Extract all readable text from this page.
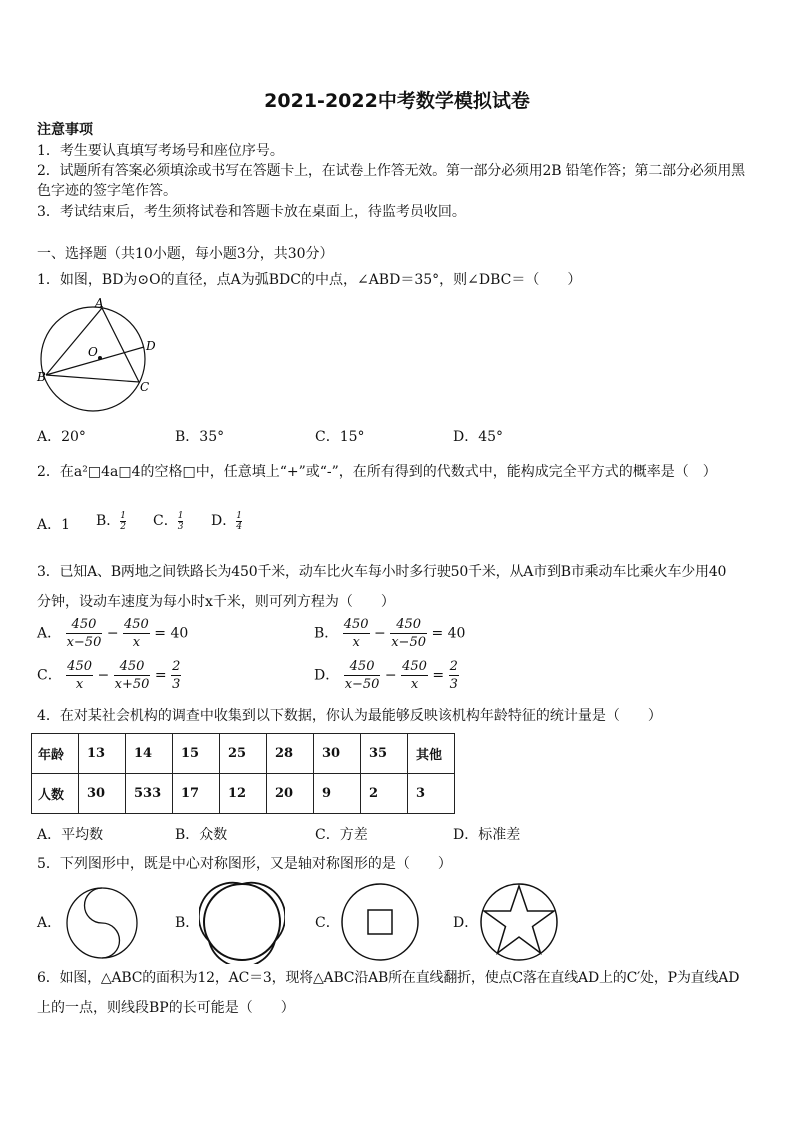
2021-2022中考数学模拟试卷
注意事项
1．考生要认真填写考场号和座位序号。
2．试题所有答案必须填涂或书写在答题卡上，在试卷上作答无效。第一部分必须用2B 铅笔作答；第二部分必须用黑
色字迹的签字笔作答。
3．考试结束后，考生须将试卷和答题卡放在桌面上，待监考员收回。
一、选择题（共10小题，每小题3分，共30分）
1．如图，BD为⊙O的直径，点A为弧BDC的中点，∠ABD＝35°，则∠DBC＝（　　）
A
B
C
D
O
A．20°	B．35°	C．15°	D．45°
2．在a²□4a□4的空格□中，任意填上“+”或“-”，在所有得到的代数式中，能构成完全平方式的概率是（　）
A．1 B． $\frac{1}{2}$ C． $\frac{1}{3}$ D． $\frac{1}{4}$
3．已知A、B两地之间铁路长为450千米，动车比火车每小时多行驶50千米，从A市到B市乘动车比乘火车少用40
分钟，设动车速度为每小时x千米，则可列方程为（　　）
A． $\frac{450}{x-50} - \frac{450}{x} = 40$	B． $\frac{450}{x} - \frac{450}{x-50} = 40$
C． $\frac{450}{x} - \frac{450}{x+50} = \frac{2}{3}$	D． $\frac{450}{x-50} - \frac{450}{x} = \frac{2}{3}$
4．在对某社会机构的调查中收集到以下数据，你认为最能够反映该机构年龄特征的统计量是（　　）
年龄	13	14	15	25	28	30	35	其他
人数	30	533	17	12	20	9	2	3
A．平均数	B．众数	C．方差	D．标准差
5．下列图形中，既是中心对称图形，又是轴对称图形的是（　　）
A．	B．	C．	D．
6．如图，△ABC的面积为12，AC＝3，现将△ABC沿AB所在直线翻折，使点C落在直线AD上的C′处，P为直线AD
上的一点，则线段BP的长可能是（　　）
